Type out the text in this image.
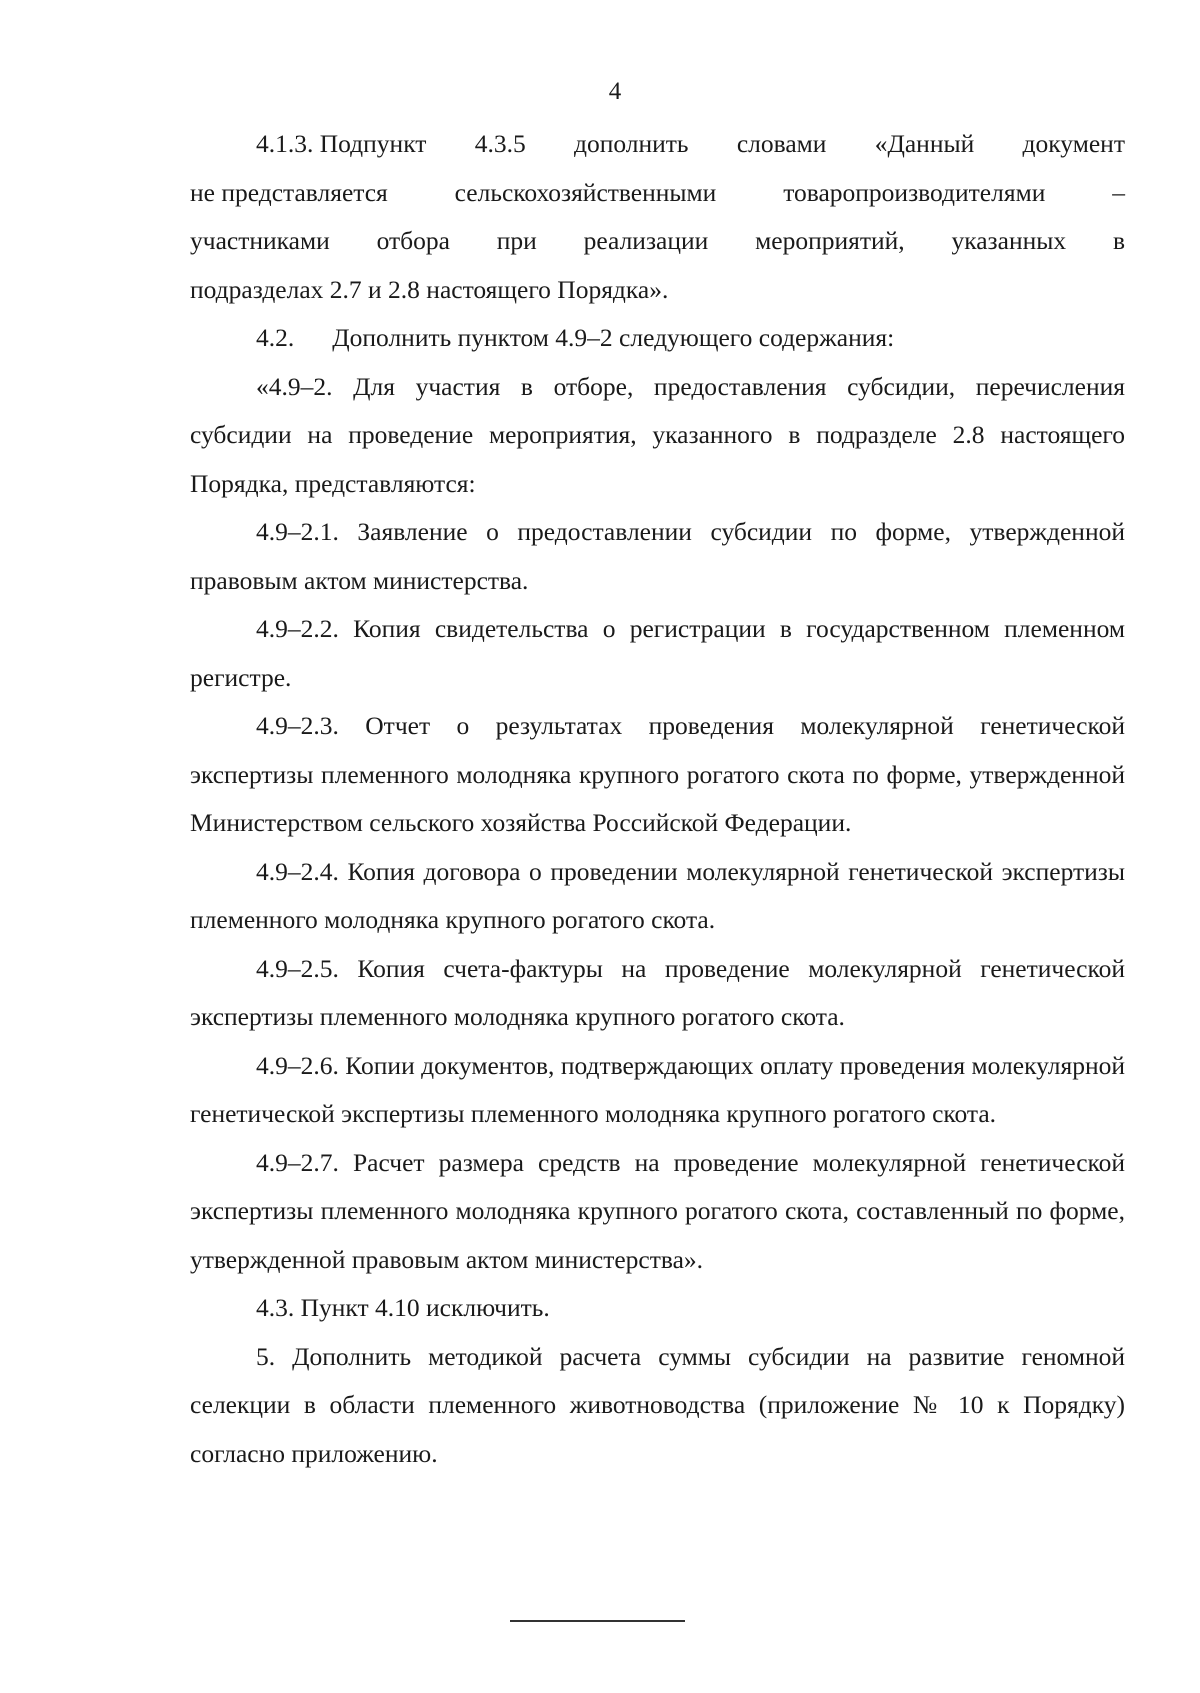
4
4.1.3. Подпункт 4.3.5 дополнить словами «Данный документ
не представляется	сельскохозяйственными	товаропроизводителями	–
участниками отбора при реализации мероприятий, указанных в
подразделах 2.7 и 2.8 настоящего Порядка».
4.2. Дополнить пунктом 4.9–2 следующего содержания:

«4.9–2. Для участия в отборе, предоставления субсидии, перечисления субсидии на проведение мероприятия, указанного в подразделе 2.8 настоящего Порядка, представляются:

4.9–2.1. Заявление о предоставлении субсидии по форме, утвержденной правовым актом министерства.

4.9–2.2. Копия свидетельства о регистрации в государственном племенном регистре.

4.9–2.3. Отчет о результатах проведения молекулярной генетической экспертизы племенного молодняка крупного рогатого скота по форме, утвержденной Министерством сельского хозяйства Российской Федерации.

4.9–2.4. Копия договора о проведении молекулярной генетической экспертизы племенного молодняка крупного рогатого скота.

4.9–2.5. Копия счета-фактуры на проведение молекулярной генетической экспертизы племенного молодняка крупного рогатого скота.

4.9–2.6. Копии документов, подтверждающих оплату проведения молекулярной генетической экспертизы племенного молодняка крупного рогатого скота.

4.9–2.7. Расчет размера средств на проведение молекулярной генетической экспертизы племенного молодняка крупного рогатого скота, составленный по форме, утвержденной правовым актом министерства».

4.3. Пункт 4.10 исключить.

5. Дополнить методикой расчета суммы субсидии на развитие геномной селекции в области племенного животноводства (приложение № 10 к Порядку) согласно приложению.
